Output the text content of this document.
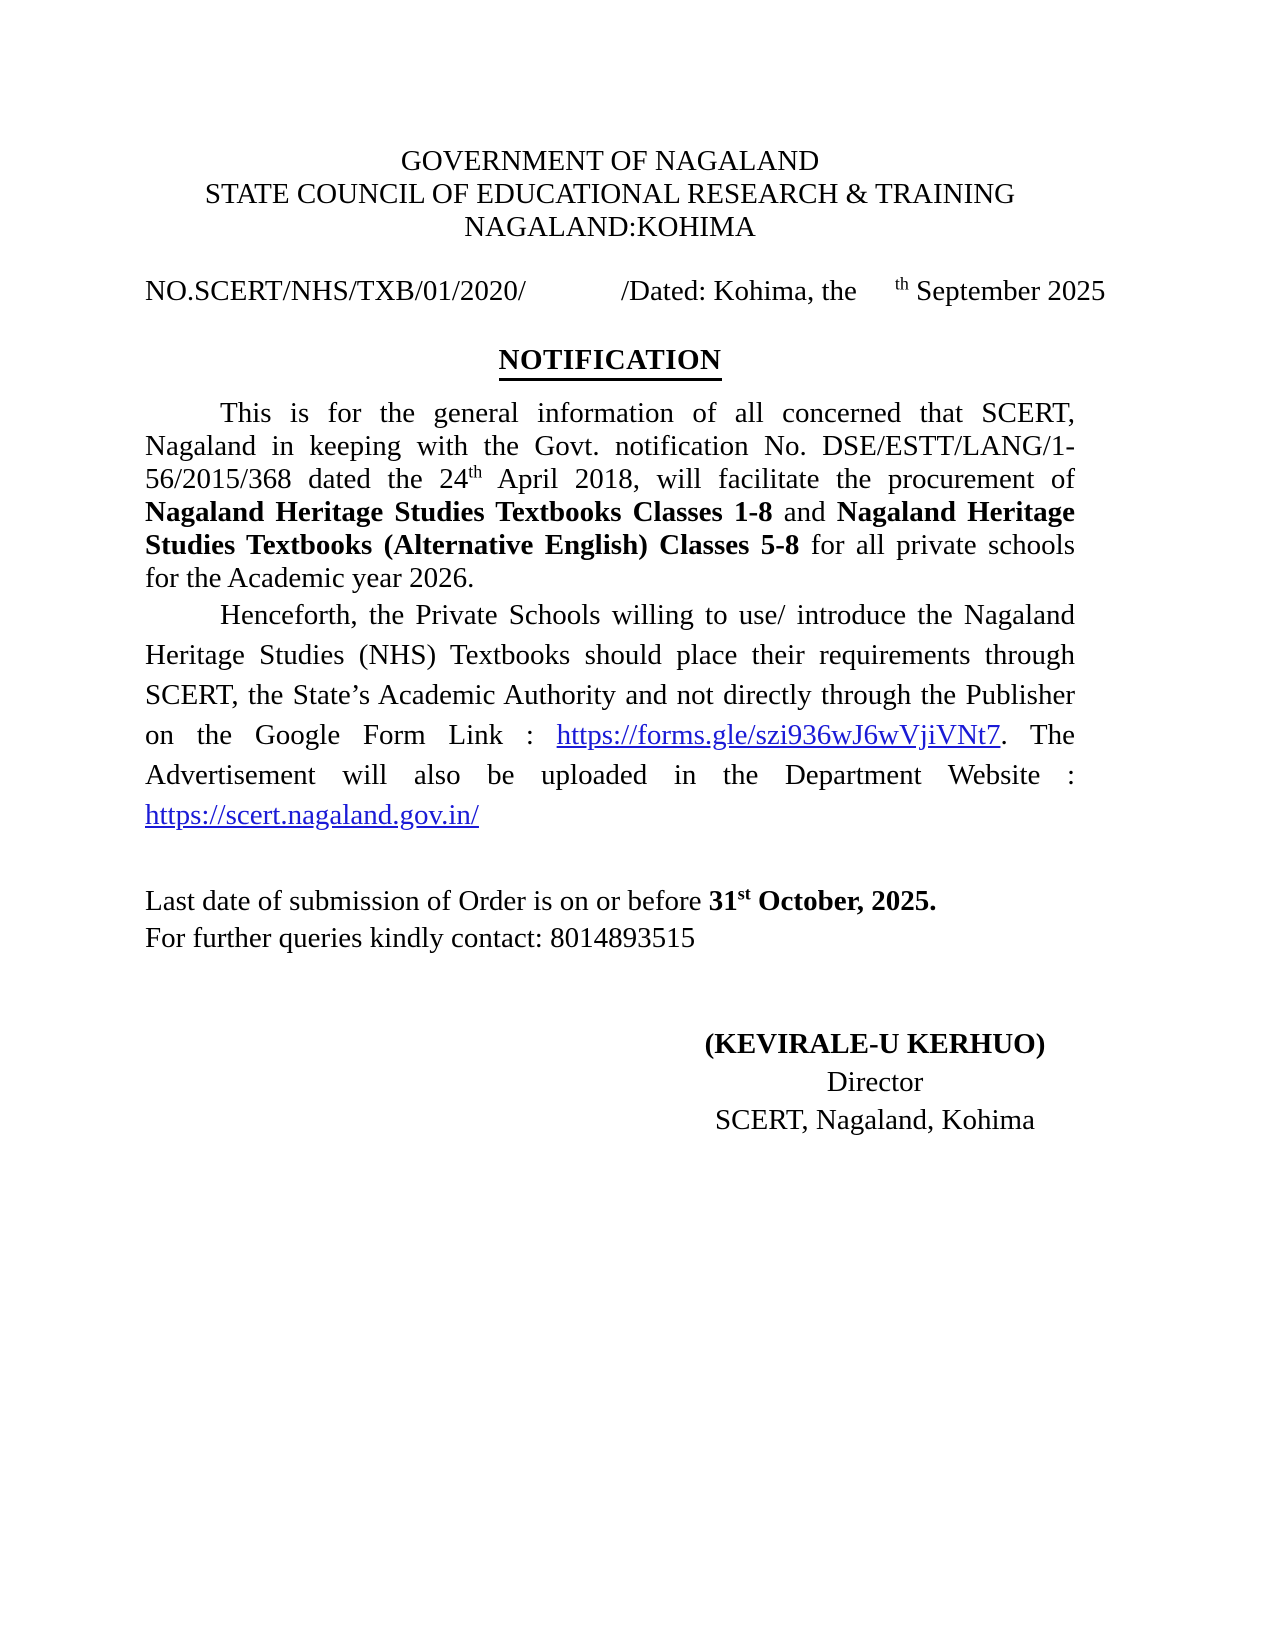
GOVERNMENT OF NAGALAND
STATE COUNCIL OF EDUCATIONAL RESEARCH & TRAINING
NAGALAND:KOHIMA
NO.SCERT/NHS/TXB/01/2020/	/Dated: Kohima, the $^{th}$ September 2025
NOTIFICATION

This is for the general information of all concerned that SCERT, Nagaland in keeping with the Govt. notification No. DSE/ESTT/LANG/1-56/2015/368 dated the 24th April 2018, will facilitate the procurement of Nagaland Heritage Studies Textbooks Classes 1-8 and Nagaland Heritage Studies Textbooks (Alternative English) Classes 5-8 for all private schools for the Academic year 2026.

Henceforth, the Private Schools willing to use/ introduce the Nagaland Heritage Studies (NHS) Textbooks should place their requirements through SCERT, the State’s Academic Authority and not directly through the Publisher on the Google Form Link : https://forms.gle/szi936wJ6wVjiVNt7. The Advertisement will also be uploaded in the Department Website : https://scert.nagaland.gov.in/

Last date of submission of Order is on or before 31st October, 2025.
For further queries kindly contact: 8014893515
(KEVIRALE-U KERHUO)
Director
SCERT, Nagaland, Kohima
